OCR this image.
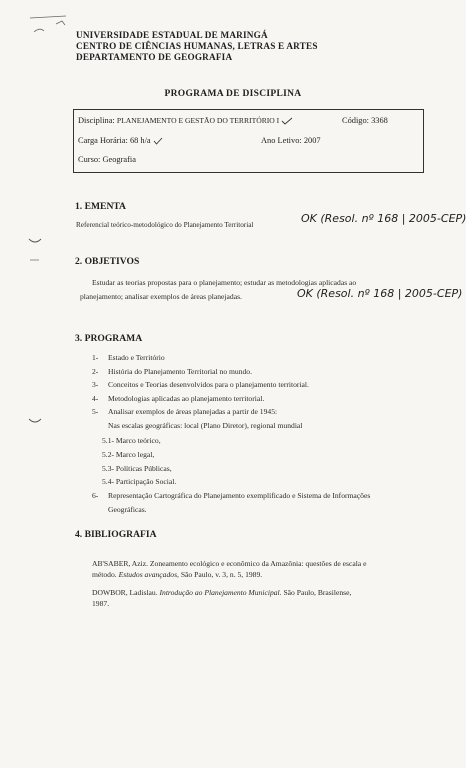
UNIVERSIDADE ESTADUAL DE MARINGÁ
CENTRO DE CIÊNCIAS HUMANAS, LETRAS E ARTES
DEPARTAMENTO DE GEOGRAFIA
PROGRAMA DE DISCIPLINA
Disciplina: PLANEJAMENTO E GESTÃO DO TERRITÓRIO I	Código: 3368
Carga Horária: 68 h/a	Ano Letivo: 2007
Curso: Geografia
1. EMENTA
Referencial teórico-metodológico do Planejamento Territorial	OK (Resol. nº 168 | 2005-CEP)
2. OBJETIVOS
Estudar as teorias propostas para o planejamento; estudar as metodologias aplicadas ao
planejamento; analisar exemplos de áreas planejadas.	OK (Resol. nº 168 | 2005-CEP)
3. PROGRAMA
1- Estado e Território
2- História do Planejamento Territorial no mundo.
3- Conceitos e Teorias desenvolvidos para o planejamento territorial.
4- Metodologias aplicadas ao planejamento territorial.
5- Analisar exemplos de áreas planejadas a partir de 1945:
Nas escalas geográficas: local (Plano Diretor), regional mundial
5.1- Marco teórico,
5.2- Marco legal,
5.3- Políticas Públicas,
5.4- Participação Social.
6- Representação Cartográfica do Planejamento exemplificado e Sistema de Informações
Geográficas.
4. BIBLIOGRAFIA
AB'SABER, Aziz. Zoneamento ecológico e econômico da Amazônia: questões de escala e
método. Estudos avançados, São Paulo, v. 3, n. 5, 1989.
DOWBOR, Ladislau. Introdução ao Planejamento Municipal. São Paulo, Brasilense,
1987.
